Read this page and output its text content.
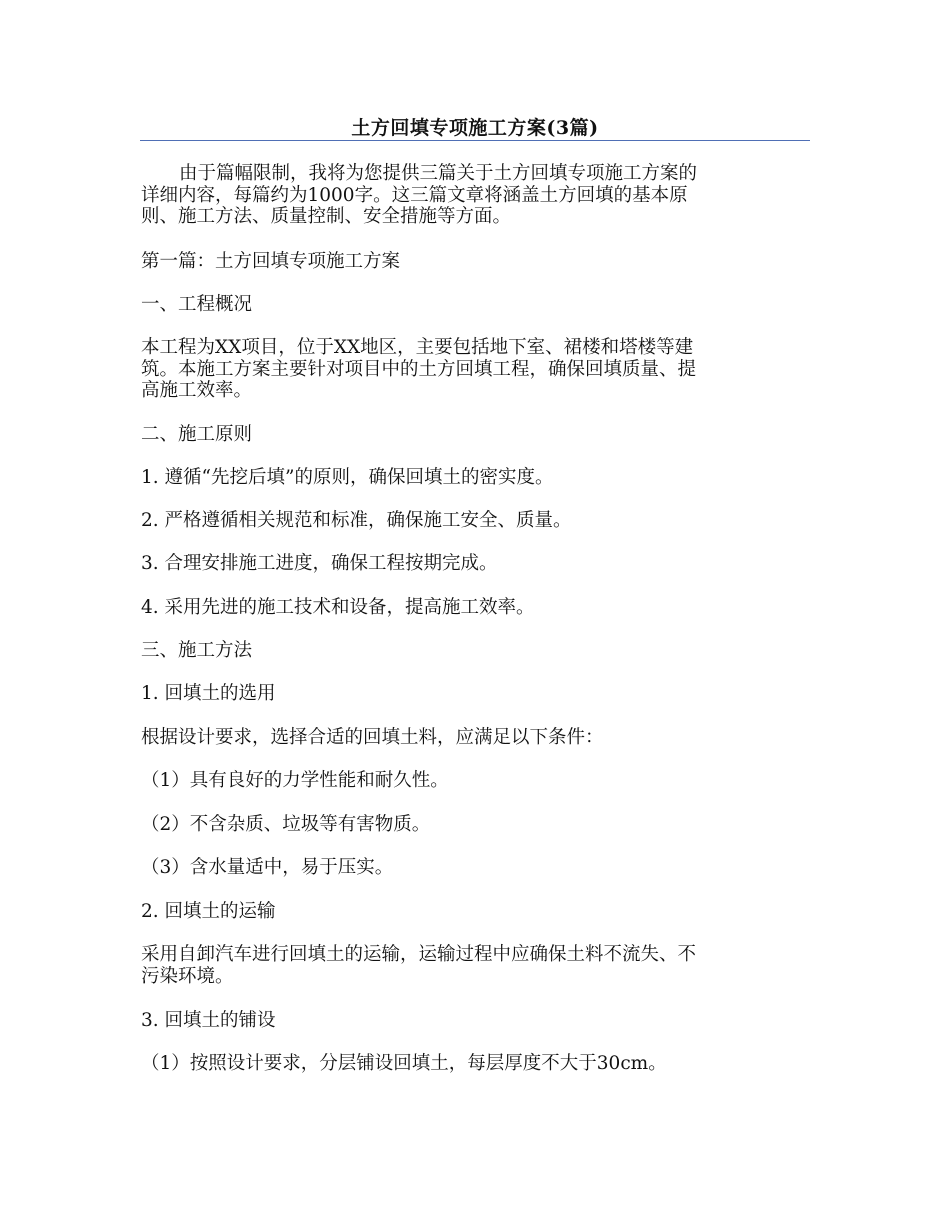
土方回填专项施工方案(3篇)
由于篇幅限制，我将为您提供三篇关于土方回填专项施工方案的
详细内容，每篇约为1000字。这三篇文章将涵盖土方回填的基本原
则、施工方法、质量控制、安全措施等方面。
第一篇：土方回填专项施工方案
一、工程概况
本工程为XX项目，位于XX地区，主要包括地下室、裙楼和塔楼等建
筑。本施工方案主要针对项目中的土方回填工程，确保回填质量、提
高施工效率。
二、施工原则
1. 遵循“先挖后填”的原则，确保回填土的密实度。
2. 严格遵循相关规范和标准，确保施工安全、质量。
3. 合理安排施工进度，确保工程按期完成。
4. 采用先进的施工技术和设备，提高施工效率。
三、施工方法
1. 回填土的选用
根据设计要求，选择合适的回填土料，应满足以下条件：
（1）具有良好的力学性能和耐久性。
（2）不含杂质、垃圾等有害物质。
（3）含水量适中，易于压实。
2. 回填土的运输
采用自卸汽车进行回填土的运输，运输过程中应确保土料不流失、不
污染环境。
3. 回填土的铺设
（1）按照设计要求，分层铺设回填土，每层厚度不大于30cm。
